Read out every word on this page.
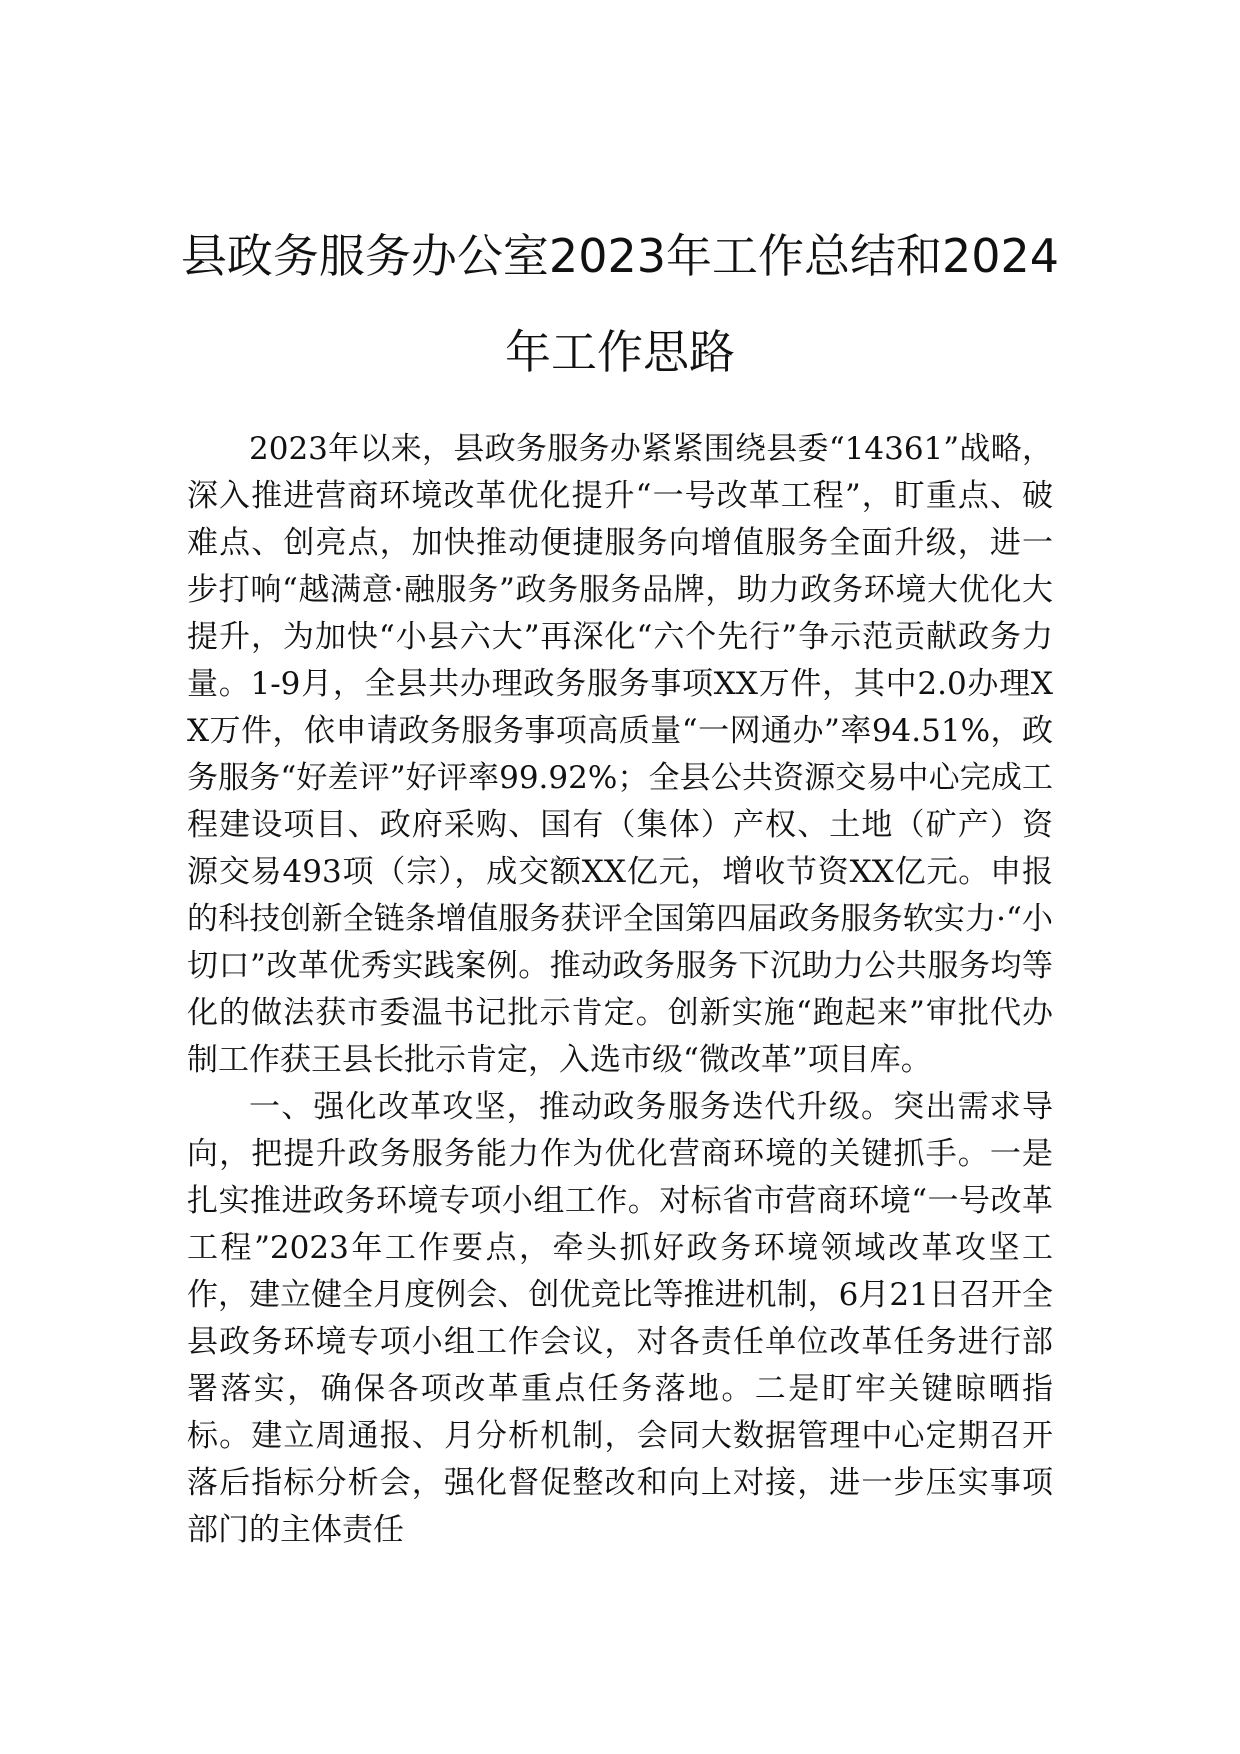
县政务服务办公室2023年工作总结和2024
年工作思路

2023年以来，县政务服务办紧紧围绕县委“14361”战略，深入推进营商环境改革优化提升“一号改革工程”，盯重点、破难点、创亮点，加快推动便捷服务向增值服务全面升级，进一步打响“越满意·融服务”政务服务品牌，助力政务环境大优化大提升，为加快“小县六大”再深化“六个先行”争示范贡献政务力量。1-9月，全县共办理政务服务事项XX万件，其中2.0办理XX万件，依申请政务服务事项高质量“一网通办”率94.51%，政务服务“好差评”好评率99.92%；全县公共资源交易中心完成工程建设项目、政府采购、国有（集体）产权、土地（矿产）资源交易493项（宗），成交额XX亿元，增收节资XX亿元。申报的科技创新全链条增值服务获评全国第四届政务服务软实力·“小切口”改革优秀实践案例。推动政务服务下沉助力公共服务均等化的做法获市委温书记批示肯定。创新实施“跑起来”审批代办制工作获王县长批示肯定，入选市级“微改革”项目库。

一、强化改革攻坚，推动政务服务迭代升级。突出需求导向，把提升政务服务能力作为优化营商环境的关键抓手。一是扎实推进政务环境专项小组工作。对标省市营商环境“一号改革工程”2023年工作要点，牵头抓好政务环境领域改革攻坚工作，建立健全月度例会、创优竞比等推进机制，6月21日召开全县政务环境专项小组工作会议，对各责任单位改革任务进行部署落实，确保各项改革重点任务落地。二是盯牢关键晾晒指标。建立周通报、月分析机制，会同大数据管理中心定期召开落后指标分析会，强化督促整改和向上对接，进一步压实事项部门的主体责任
